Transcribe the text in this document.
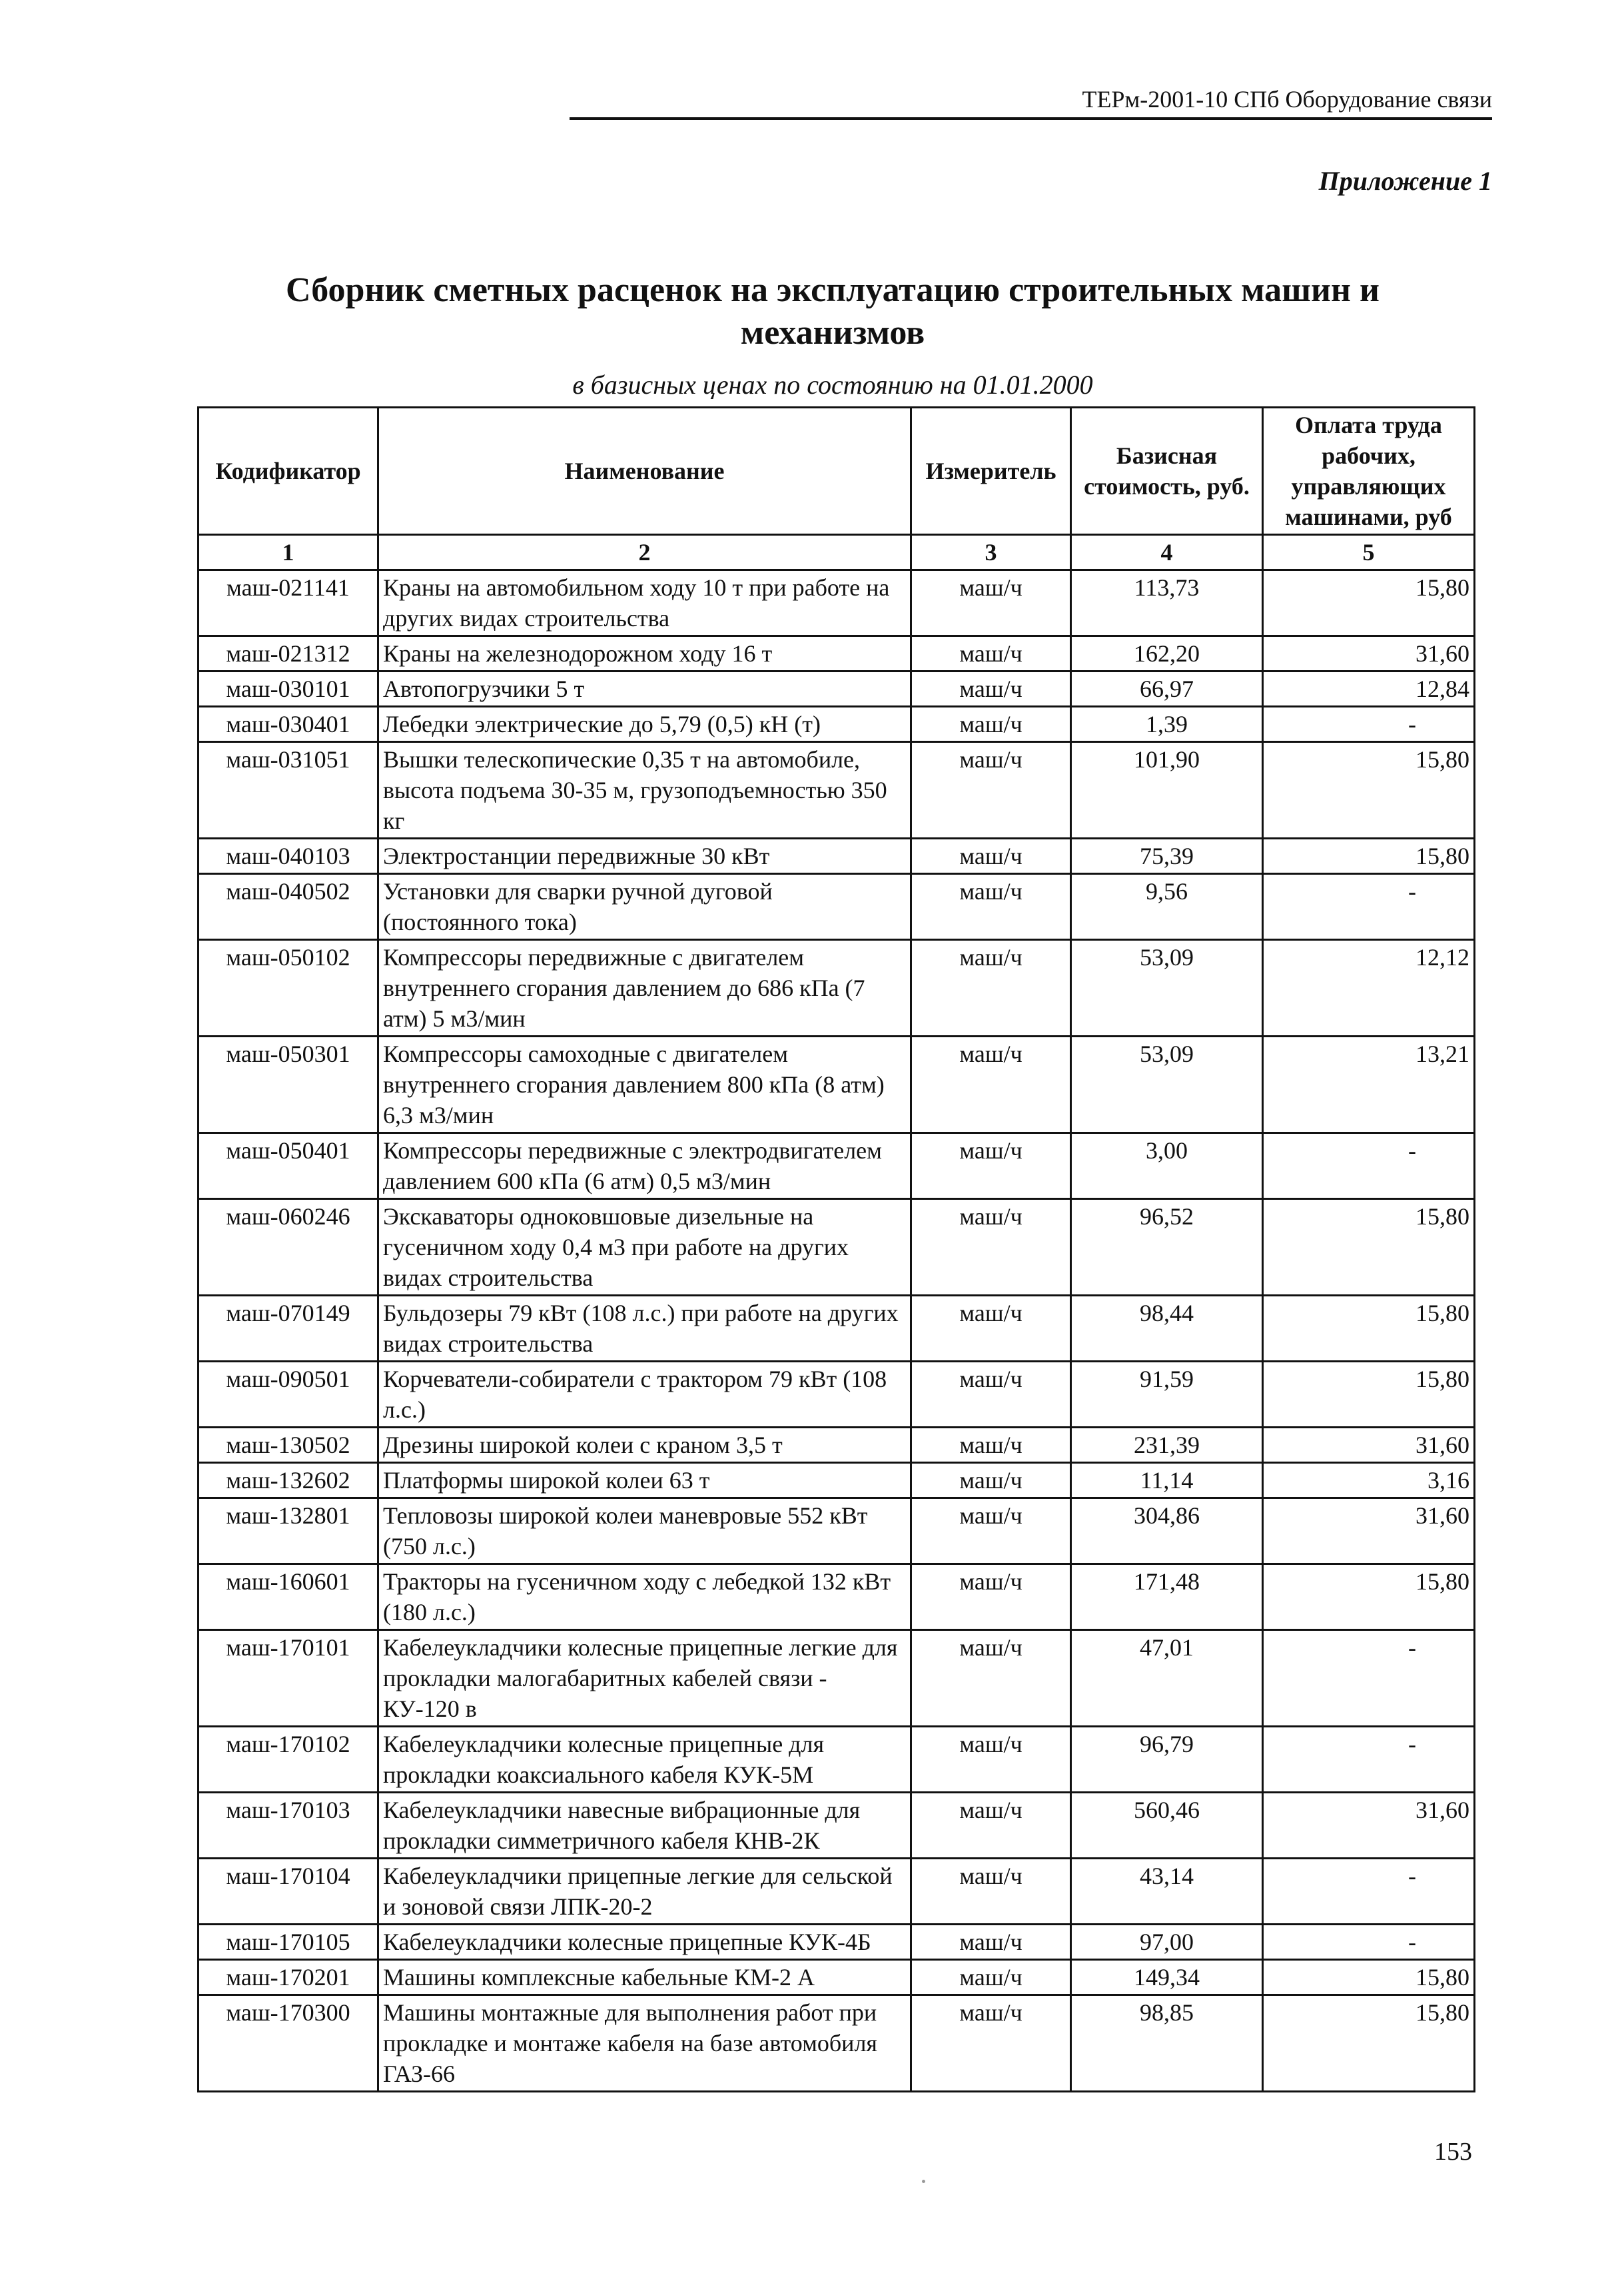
ТЕРм-2001-10 СПб Оборудование связи
Приложение 1
Сборник сметных расценок на эксплуатацию строительных машин и механизмов
в базисных ценах по состоянию на 01.01.2000
Кодификатор	Наименование	Измеритель	Базисная стоимость, руб.	Оплата труда рабочих, управляющих машинами, руб
1	2	3	4	5
маш-021141	Краны на автомобильном ходу 10 т при работе на других видах строительства	маш/ч	113,73	15,80
маш-021312	Краны на железнодорожном ходу 16 т	маш/ч	162,20	31,60
маш-030101	Автопогрузчики 5 т	маш/ч	66,97	12,84
маш-030401	Лебедки электрические до 5,79 (0,5) кН (т)	маш/ч	1,39	-
маш-031051	Вышки телескопические 0,35 т на автомобиле, высота подъема 30-35 м, грузоподъемностью 350 кг	маш/ч	101,90	15,80
маш-040103	Электростанции передвижные 30 кВт	маш/ч	75,39	15,80
маш-040502	Установки для сварки ручной дуговой (постоянного тока)	маш/ч	9,56	-
маш-050102	Компрессоры передвижные с двигателем внутреннего сгорания давлением до 686 кПа (7 атм) 5 м3/мин	маш/ч	53,09	12,12
маш-050301	Компрессоры самоходные с двигателем внутреннего сгорания давлением 800 кПа (8 атм) 6,3 м3/мин	маш/ч	53,09	13,21
маш-050401	Компрессоры передвижные с электродвигателем давлением 600 кПа (6 атм) 0,5 м3/мин	маш/ч	3,00	-
маш-060246	Экскаваторы одноковшовые дизельные на гусеничном ходу 0,4 м3 при работе на других видах строительства	маш/ч	96,52	15,80
маш-070149	Бульдозеры 79 кВт (108 л.с.) при работе на других видах строительства	маш/ч	98,44	15,80
маш-090501	Корчеватели-собиратели с трактором 79 кВт (108 л.с.)	маш/ч	91,59	15,80
маш-130502	Дрезины широкой колеи с краном 3,5 т	маш/ч	231,39	31,60
маш-132602	Платформы широкой колеи 63 т	маш/ч	11,14	3,16
маш-132801	Тепловозы широкой колеи маневровые 552 кВт (750 л.с.)	маш/ч	304,86	31,60
маш-160601	Тракторы на гусеничном ходу с лебедкой 132 кВт (180 л.с.)	маш/ч	171,48	15,80
маш-170101	Кабелеукладчики колесные прицепные легкие для прокладки малогабаритных кабелей связи - КУ-120 в	маш/ч	47,01	-
маш-170102	Кабелеукладчики колесные прицепные для прокладки коаксиального кабеля КУК-5М	маш/ч	96,79	-
маш-170103	Кабелеукладчики навесные вибрационные для прокладки симметричного кабеля КНВ-2К	маш/ч	560,46	31,60
маш-170104	Кабелеукладчики прицепные легкие для сельской и зоновой связи ЛПК-20-2	маш/ч	43,14	-
маш-170105	Кабелеукладчики колесные прицепные КУК-4Б	маш/ч	97,00	-
маш-170201	Машины комплексные кабельные КМ-2 А	маш/ч	149,34	15,80
маш-170300	Машины монтажные для выполнения работ при прокладке и монтаже кабеля на базе автомобиля ГАЗ-66	маш/ч	98,85	15,80
153
